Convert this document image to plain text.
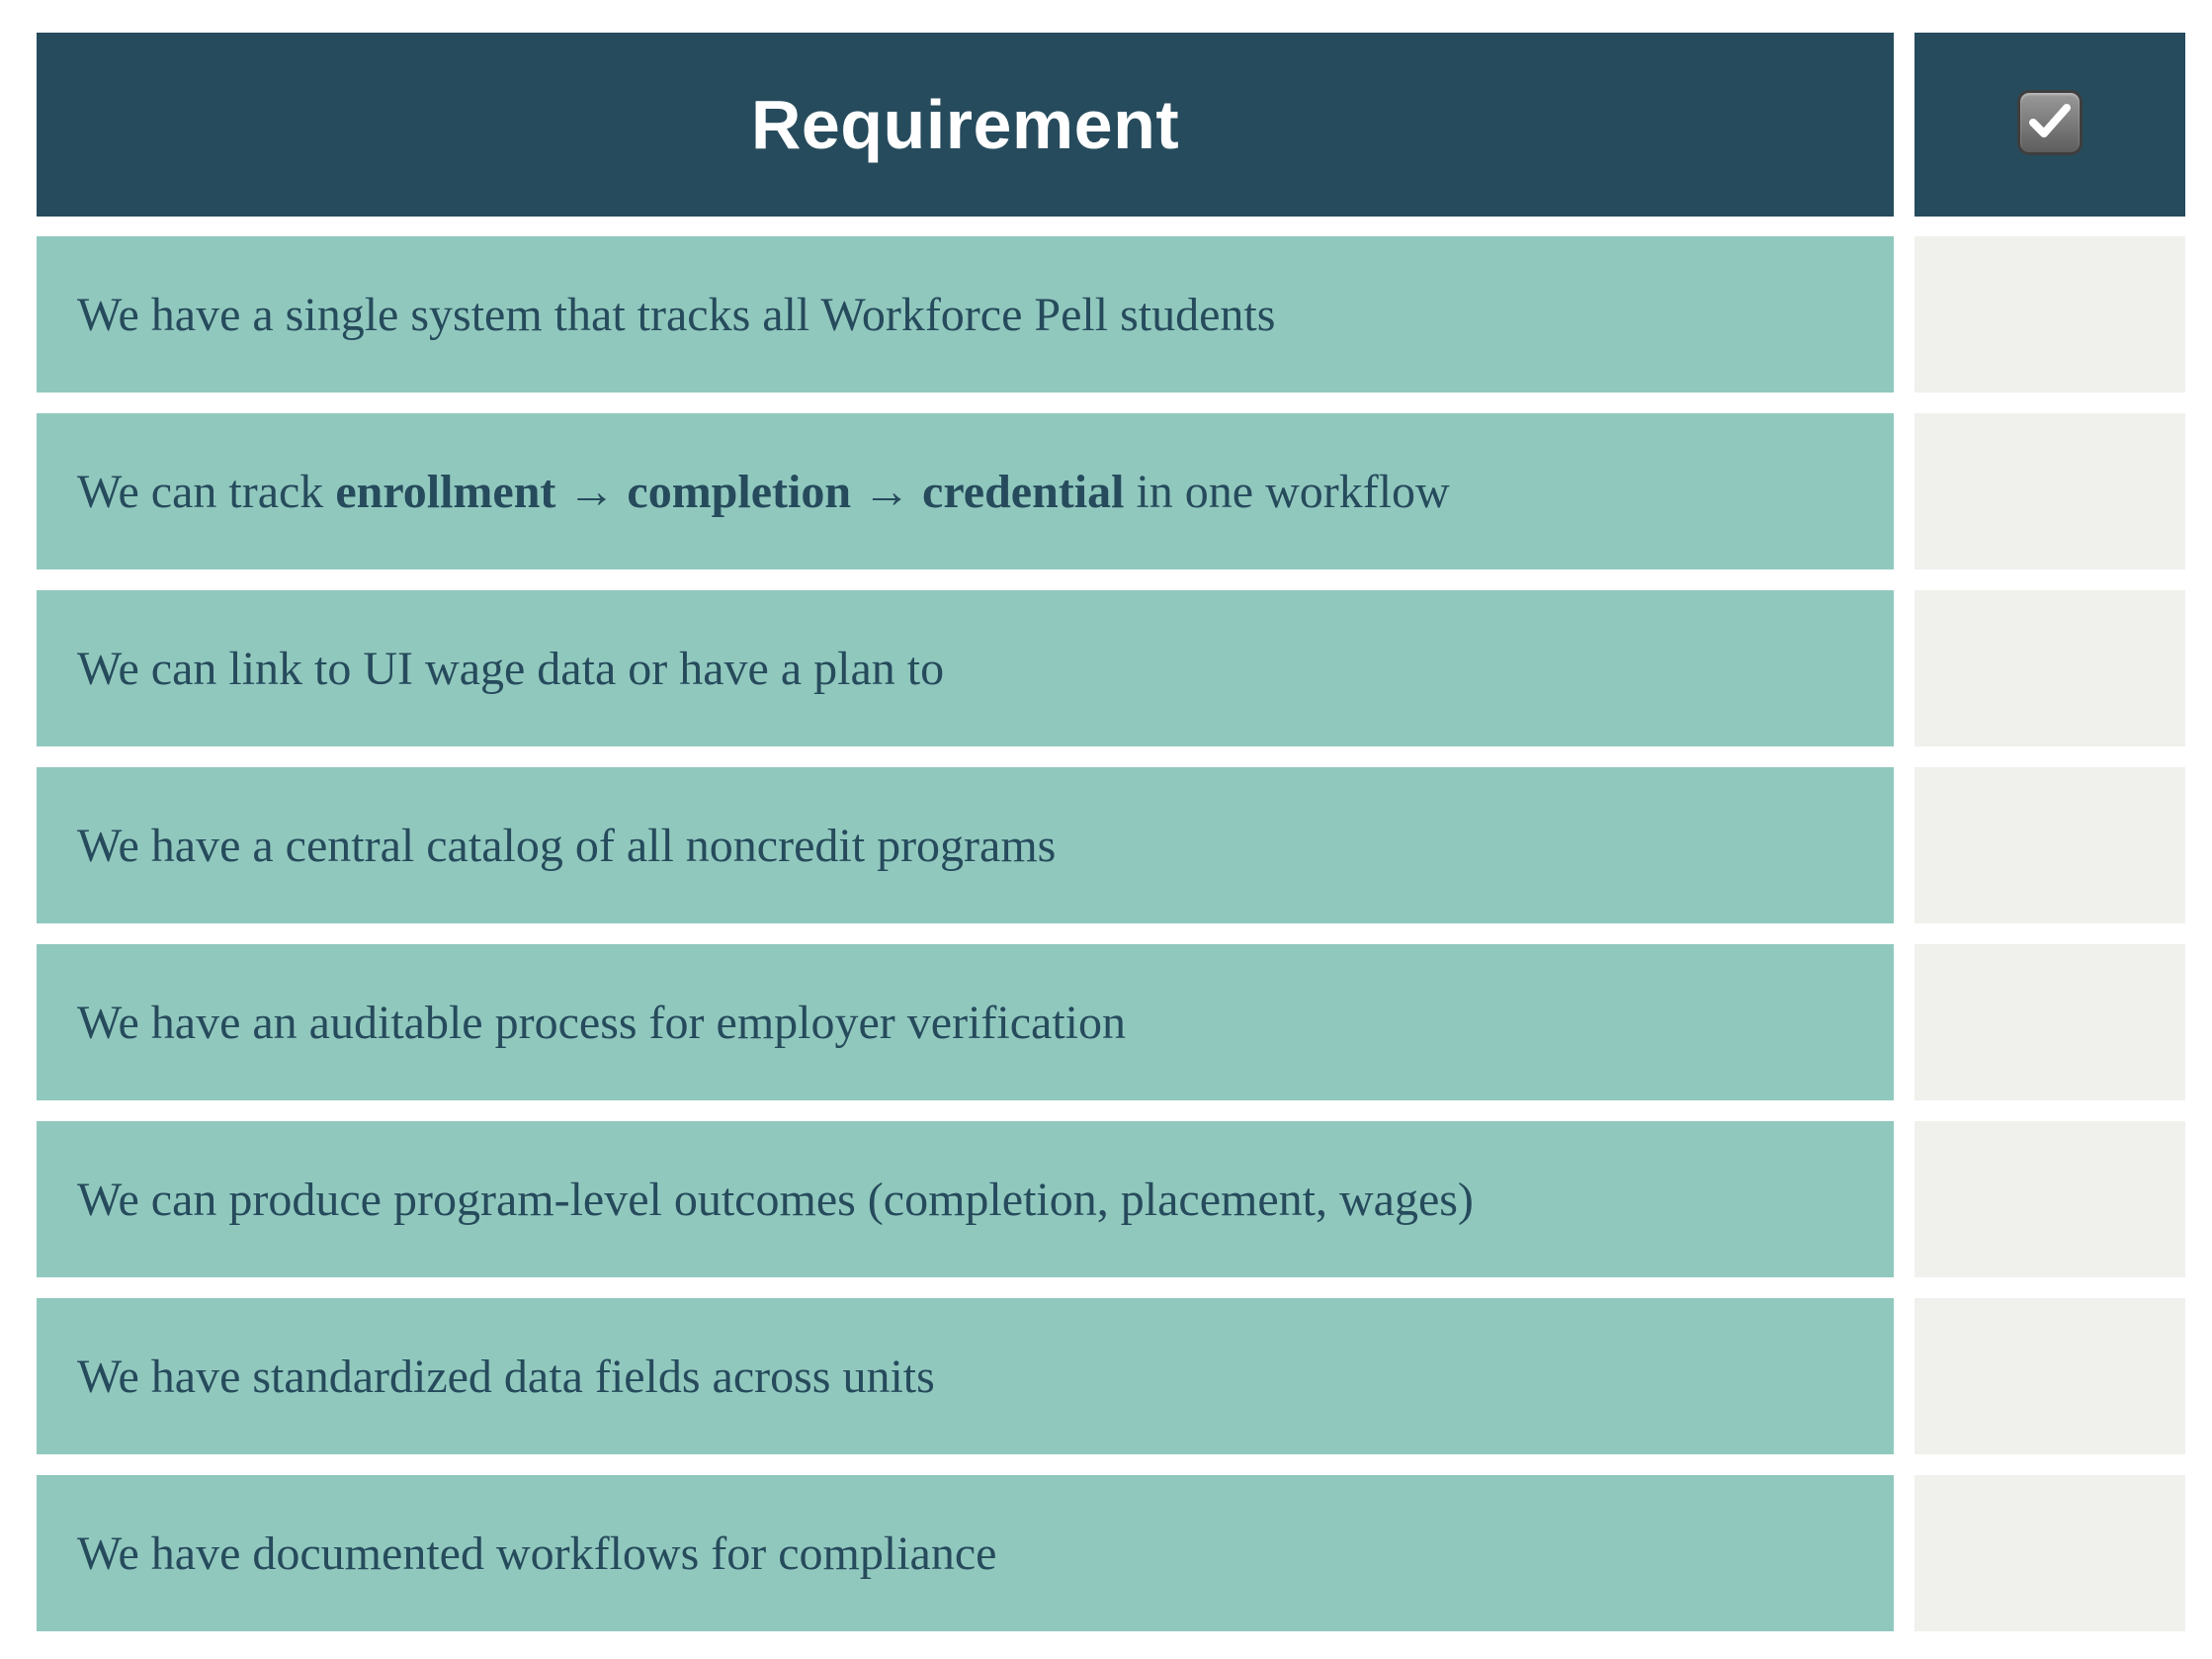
Requirement
We have a single system that tracks all Workforce Pell students
We can track enrollment → completion → credential in one workflow
We can link to UI wage data or have a plan to
We have a central catalog of all noncredit programs
We have an auditable process for employer verification
We can produce program-level outcomes (completion, placement, wages)
We have standardized data fields across units
We have documented workflows for compliance
